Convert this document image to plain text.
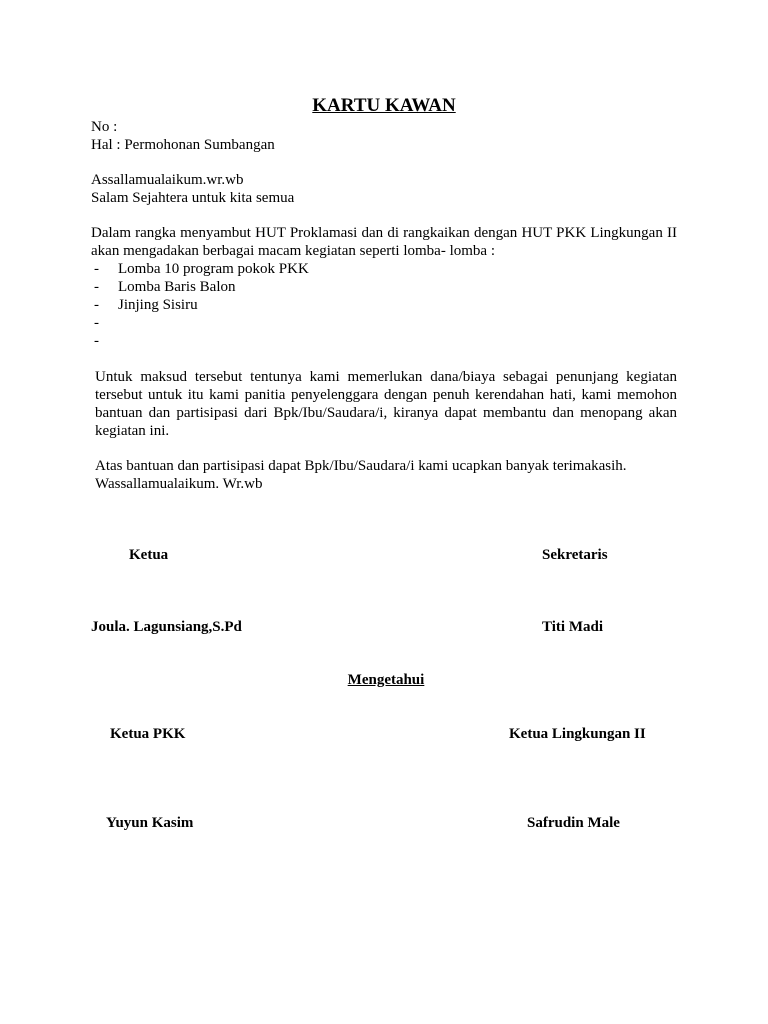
KARTU KAWAN
No :
Hal : Permohonan Sumbangan
Assallamualaikum.wr.wb
Salam Sejahtera untuk kita semua
Dalam rangka menyambut HUT Proklamasi dan di rangkaikan dengan HUT PKK Lingkungan II akan mengadakan berbagai macam kegiatan seperti lomba- lomba :
- Lomba 10 program pokok PKK
- Lomba Baris Balon
- Jinjing Sisiru
-
-
Untuk maksud tersebut tentunya kami memerlukan dana/biaya sebagai penunjang kegiatan tersebut untuk itu kami panitia penyelenggara dengan penuh kerendahan hati, kami memohon bantuan dan partisipasi dari Bpk/Ibu/Saudara/i, kiranya dapat membantu dan menopang akan kegiatan ini.
Atas bantuan dan partisipasi dapat Bpk/Ibu/Saudara/i kami ucapkan banyak terimakasih.
Wassallamualaikum. Wr.wb
Ketua	Sekretaris
Joula. Lagunsiang,S.Pd	Titi Madi
Mengetahui
Ketua PKK	Ketua Lingkungan II
Yuyun Kasim	Safrudin Male
